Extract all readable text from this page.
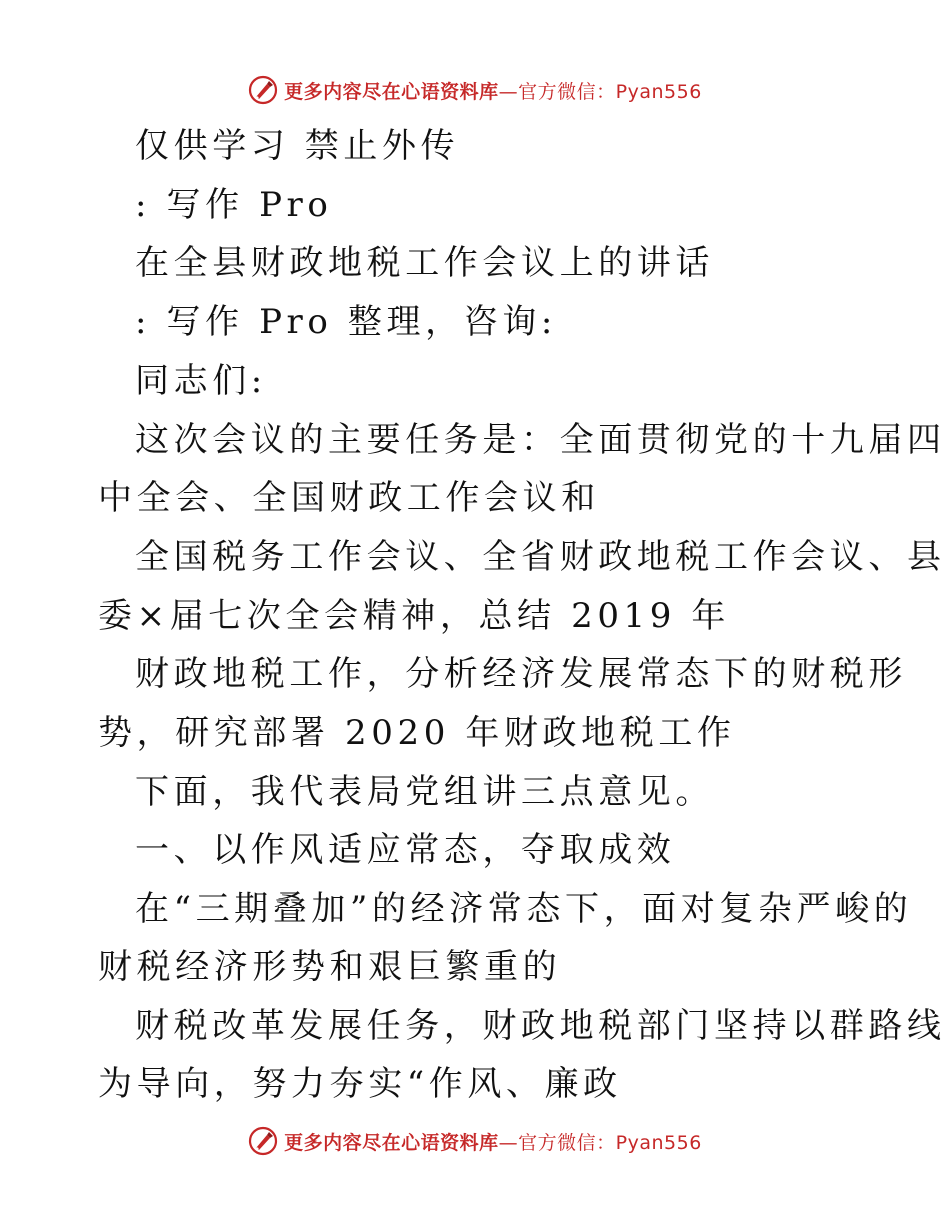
更多内容尽在心语资料库—官方微信：Pyan556
仅供学习 禁止外传
: 写作 Pro
在全县财政地税工作会议上的讲话
: 写作 Pro 整理，咨询:
同志们:
这次会议的主要任务是：全面贯彻党的十九届四
中全会、全国财政工作会议和
全国税务工作会议、全省财政地税工作会议、县
委×届七次全会精神，总结 2019 年
财政地税工作，分析经济发展常态下的财税形
势，研究部署 2020 年财政地税工作
下面，我代表局党组讲三点意见。
一、以作风适应常态，夺取成效
在“三期叠加”的经济常态下，面对复杂严峻的
财税经济形势和艰巨繁重的
财税改革发展任务，财政地税部门坚持以群路线
为导向，努力夯实“作风、廉政
更多内容尽在心语资料库—官方微信：Pyan556
